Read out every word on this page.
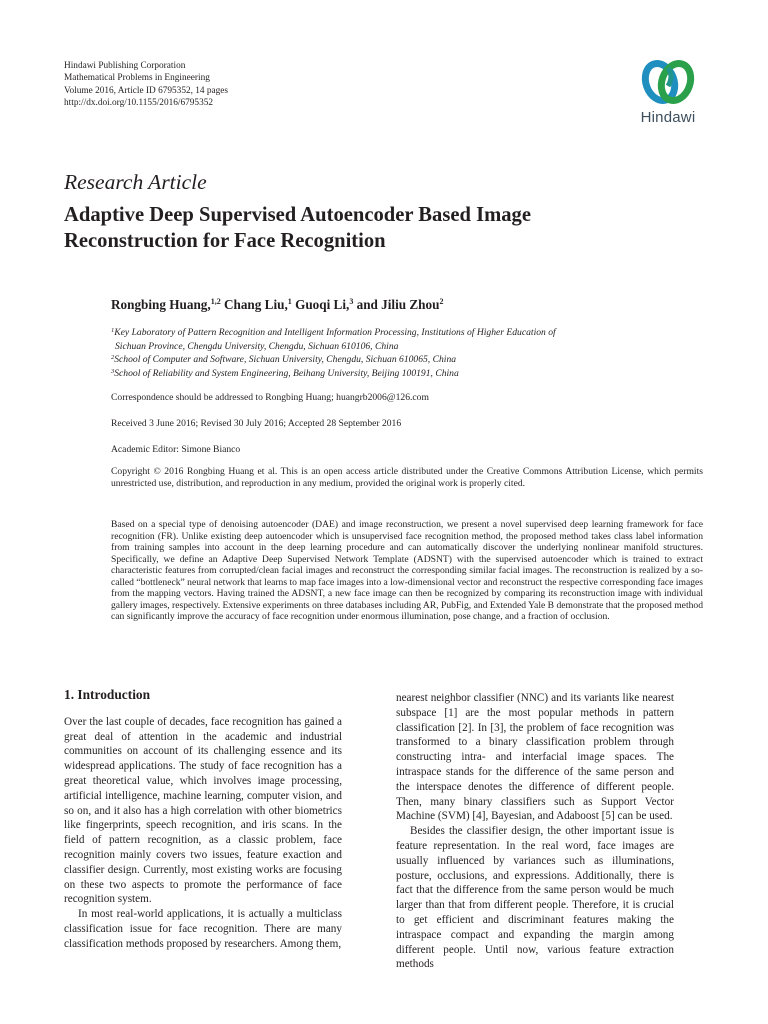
Hindawi Publishing Corporation
Mathematical Problems in Engineering
Volume 2016, Article ID 6795352, 14 pages
http://dx.doi.org/10.1155/2016/6795352
Hindawi
Research Article
Adaptive Deep Supervised Autoencoder Based Image
Reconstruction for Face Recognition
Rongbing Huang,$^{1,2}$ Chang Liu,$^1$ Guoqi Li,$^3$ and Jiliu Zhou$^2$
$^1$Key Laboratory of Pattern Recognition and Intelligent Information Processing, Institutions of Higher Education of
Sichuan Province, Chengdu University, Chengdu, Sichuan 610106, China
$^2$School of Computer and Software, Sichuan University, Chengdu, Sichuan 610065, China
$^3$School of Reliability and System Engineering, Beihang University, Beijing 100191, China
Correspondence should be addressed to Rongbing Huang; huangrb2006@126.com
Received 3 June 2016; Revised 30 July 2016; Accepted 28 September 2016
Academic Editor: Simone Bianco
Copyright © 2016 Rongbing Huang et al. This is an open access article distributed under the Creative Commons Attribution License, which permits unrestricted use, distribution, and reproduction in any medium, provided the original work is properly cited.
Based on a special type of denoising autoencoder (DAE) and image reconstruction, we present a novel supervised deep learning framework for face recognition (FR). Unlike existing deep autoencoder which is unsupervised face recognition method, the proposed method takes class label information from training samples into account in the deep learning procedure and can automatically discover the underlying nonlinear manifold structures. Specifically, we define an Adaptive Deep Supervised Network Template (ADSNT) with the supervised autoencoder which is trained to extract characteristic features from corrupted/clean facial images and reconstruct the corresponding similar facial images. The reconstruction is realized by a so-called “bottleneck” neural network that learns to map face images into a low-dimensional vector and reconstruct the respective corresponding face images from the mapping vectors. Having trained the ADSNT, a new face image can then be recognized by comparing its reconstruction image with individual gallery images, respectively. Extensive experiments on three databases including AR, PubFig, and Extended Yale B demonstrate that the proposed method can significantly improve the accuracy of face recognition under enormous illumination, pose change, and a fraction of occlusion.
1. Introduction

Over the last couple of decades, face recognition has gained a great deal of attention in the academic and industrial communities on account of its challenging essence and its widespread applications. The study of face recognition has a great theoretical value, which involves image processing, artificial intelligence, machine learning, computer vision, and so on, and it also has a high correlation with other biometrics like fingerprints, speech recognition, and iris scans. In the field of pattern recognition, as a classic problem, face recognition mainly covers two issues, feature exaction and classifier design. Currently, most existing works are focusing on these two aspects to promote the performance of face recognition system.

In most real-world applications, it is actually a multiclass classification issue for face recognition. There are many classification methods proposed by researchers. Among them,

nearest neighbor classifier (NNC) and its variants like nearest subspace [1] are the most popular methods in pattern classification [2]. In [3], the problem of face recognition was transformed to a binary classification problem through constructing intra- and interfacial image spaces. The intraspace stands for the difference of the same person and the interspace denotes the difference of different people. Then, many binary classifiers such as Support Vector Machine (SVM) [4], Bayesian, and Adaboost [5] can be used.

Besides the classifier design, the other important issue is feature representation. In the real word, face images are usually influenced by variances such as illuminations, posture, occlusions, and expressions. Additionally, there is fact that the difference from the same person would be much larger than that from different people. Therefore, it is crucial to get efficient and discriminant features making the intraspace compact and expanding the margin among different people. Until now, various feature extraction methods
